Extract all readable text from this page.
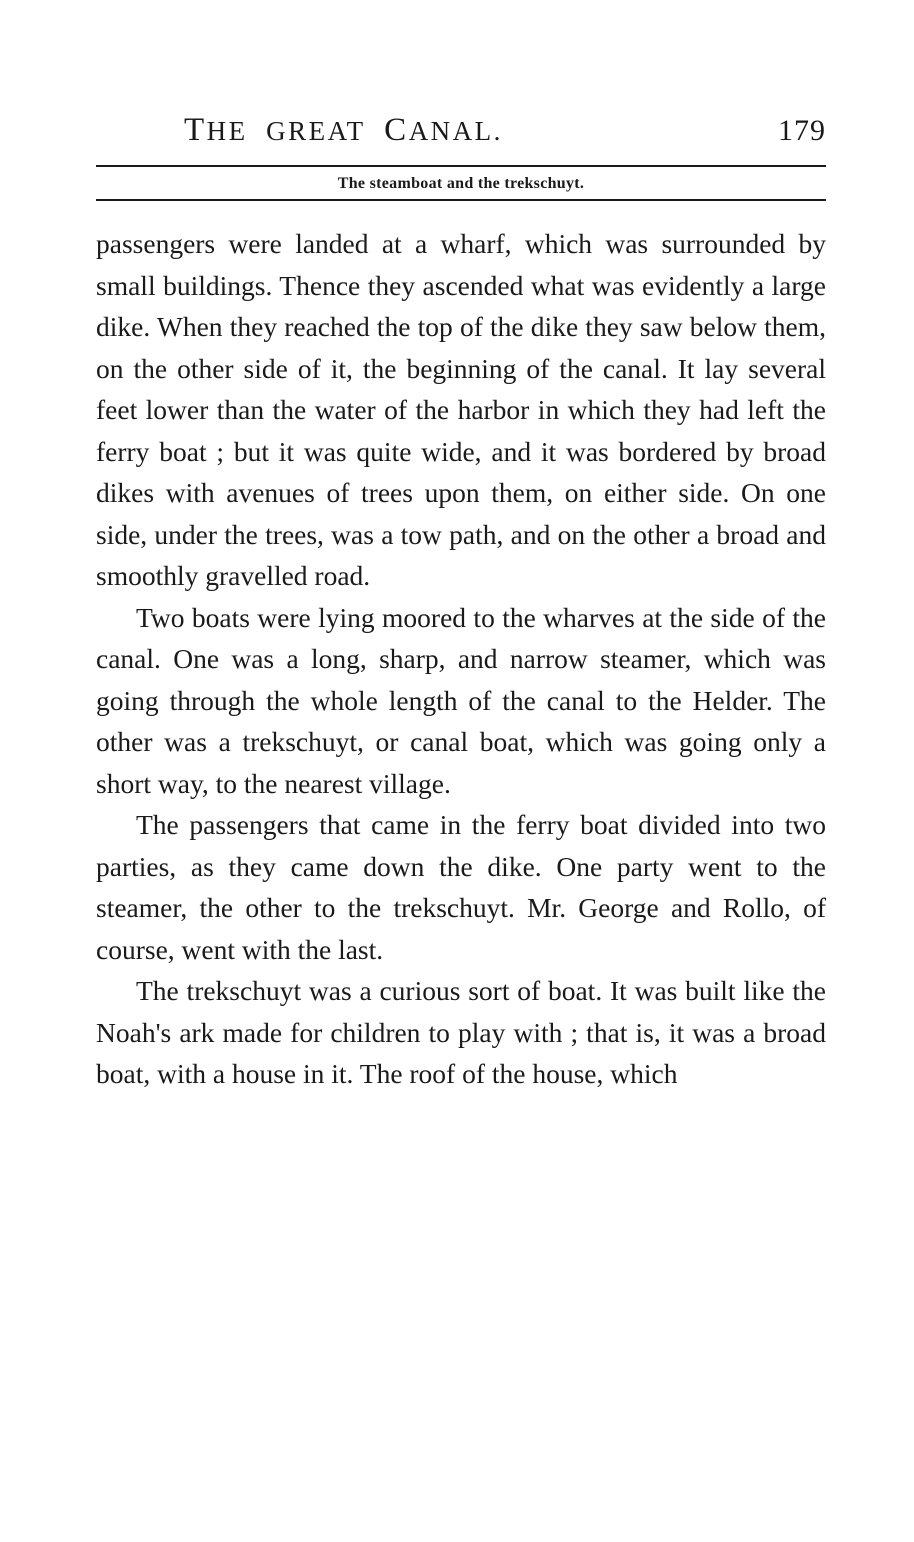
THE GREAT CANAL.	179
The steamboat and the trekschuyt.

passengers were landed at a wharf, which was surrounded by small buildings. Thence they ascended what was evidently a large dike. When they reached the top of the dike they saw below them, on the other side of it, the beginning of the canal. It lay several feet lower than the water of the harbor in which they had left the ferry boat ; but it was quite wide, and it was bordered by broad dikes with avenues of trees upon them, on either side. On one side, under the trees, was a tow path, and on the other a broad and smoothly gravelled road.

Two boats were lying moored to the wharves at the side of the canal. One was a long, sharp, and narrow steamer, which was going through the whole length of the canal to the Helder. The other was a trekschuyt, or canal boat, which was going only a short way, to the nearest village.

The passengers that came in the ferry boat divided into two parties, as they came down the dike. One party went to the steamer, the other to the trekschuyt. Mr. George and Rollo, of course, went with the last.

The trekschuyt was a curious sort of boat. It was built like the Noah's ark made for children to play with ; that is, it was a broad boat, with a house in it. The roof of the house, which
